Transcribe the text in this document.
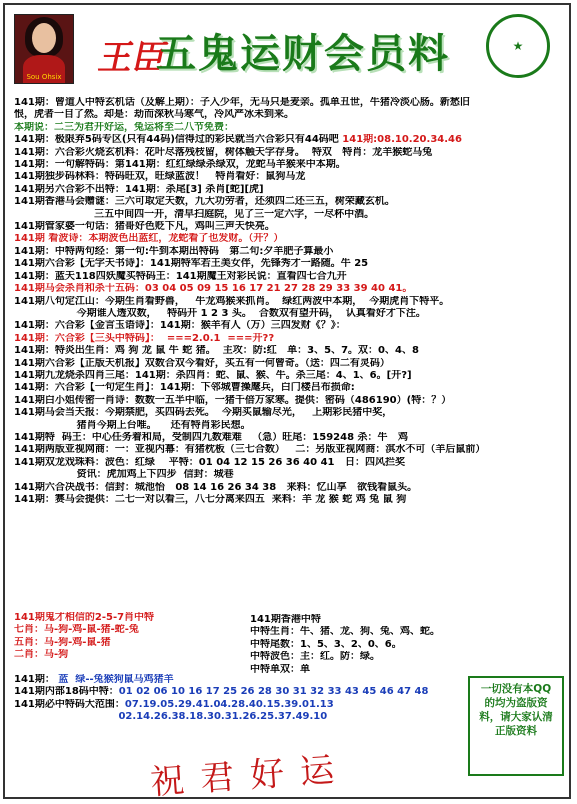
Sou Ohsix 王臣
五鬼运财会员料	★
141期：曾道人中特玄机话（及解上期）：子入少年，无马只是麦亲。孤单丑世，牛猪冷淡心肠。新愁旧
恨，虎者一目了然。却是：劫而深秋马寒气，冷风严冰未到来。
本期说：二三为君开好运，兔运将至二八节免费：
141期：极限弃5码专区(只有44码)信得过的彩民就当六合彩只有44码吧 141期:08.10.20.34.46
141期：六合彩火烧玄机料：花叶尽落残枝留，树体触天字存身。  特双   特肖：龙羊猴蛇马兔
141期：一句解特码：第141期：红红绿绿杀绿双，龙蛇马羊猴来中本期。
141期独步码林料：特码旺双，旺绿蓝波！   特肖看好：鼠狗马龙
141期另六合彩不出特：141期：杀尾[3] 杀肖[蛇][虎]
141期香港马会赠谜：三六可取定天数，九大功劳者，还须四二还三五，树荣藏玄机。
三五中间四一开，清早扫庭院，见了三一定六字，一尽杯中酒。
141期管家婆一句话：猪哥好色贬下凡，鸡叫三声天快亮。
141期 看波诗：本期波色出蓝红，龙蛇看了也发财。（开？）
141期：中特两句经：第一句:牛到本期出特码   第二句:夕羊肥子算最小
141期六合彩【无字天书诗】：141期特军若王美女伴，先锋秀才一路随。牛 25
141期：蓝天118四妖魔买特码王：141期魔王对彩民说：直看四七合九开
141期马会杀肖和杀十五码：03 04 05 09 15 16 17 21 27 28 29 33 39 40 41。
141期八句定江山：今期生肖看野兽，   牛龙鸡猴来抓肖。  绿红两波中本期，  今期虎肖下特平。
今期谁人透双数，   特码开 1 2 3 头。  合数双有望开码，  认真看好才下注。
141期：六合彩【金言玉语诗】：141期：猴羊有人（万）三四发财《？》：
141期：六合彩【三头中特码】：  ===2.0.1  ===开??
141期：特炎出生肖：鸡 狗 龙 鼠 牛 蛇 猪。  主攻：防:红   单：3、5、7。双：0、4、8
141期六合彩【正版天机报】双数合双今看好，买五有一何曾奇。（送：四二有灵码）
141期九龙烧杀四肖三尾：141期：杀四肖：蛇、鼠、猴、牛。杀三尾：4、1、6。[开?]
141期：六合彩【一句定生肖】：141期：下邻城曹操麾兵，白门楼吕布损命:
141期白小姐传密一肖诗：数数一五半中临，一猪千倍万家寒。提供：密码（486190）(特：？）
141期马会当天报：今期禁肥，买四码去死。  今期买鼠输尽光，   上期彩民猪中奖，
猪肖今期上台唯。    还有特肖彩民想。
141期特  码王：中心任务着和局，受制四九数难难   （急）旺尾：159248 杀：牛   鸡
141期两版亚视网商：一：亚视内幕：有猪枕板（三七合数）   二：另版亚视网商：淇水不可（羊后鼠前）
141期双龙戏珠料：波色：红绿    平特：01 04 12 15 26 36 40 41   日：四风拦奖
资讯：虎加鸡上下四步  信封：城巷
141期六合决战书：信封：城池怡   08 14 16 26 34 38   来料：忆山享   欲钱看鼠头。
141期：赛马会提供：二七一对以看三，八七分离来四五  来料：羊 龙 猴 蛇 鸡 兔 鼠 狗
141期鬼才相信的2-5-7肖中特
七肖：马-狗-鸡-鼠-猪-蛇-兔
五肖：马-狗-鸡-鼠-猪
二肖：马-狗
141期： 蓝  绿--兔猴狗鼠马鸡猪羊
141期内部18码中特：01 02 06 10 16 17 25 26 28 30 31 32 33 43 45 46 47 48
141期必中特码大范围：07.19.05.29.41.04.28.40.15.39.01.13
02.14.26.38.18.30.31.26.25.37.49.10
141期香港中特
中特生肖：牛、猪、龙、狗、兔、鸡、蛇。
中特尾数：1、5、3、2、0、6。
中特波色：主：红。防：绿。
中特单双：单
一切没有本QQ的均为盗版资料，请大家认清正版资料
祝君好运
